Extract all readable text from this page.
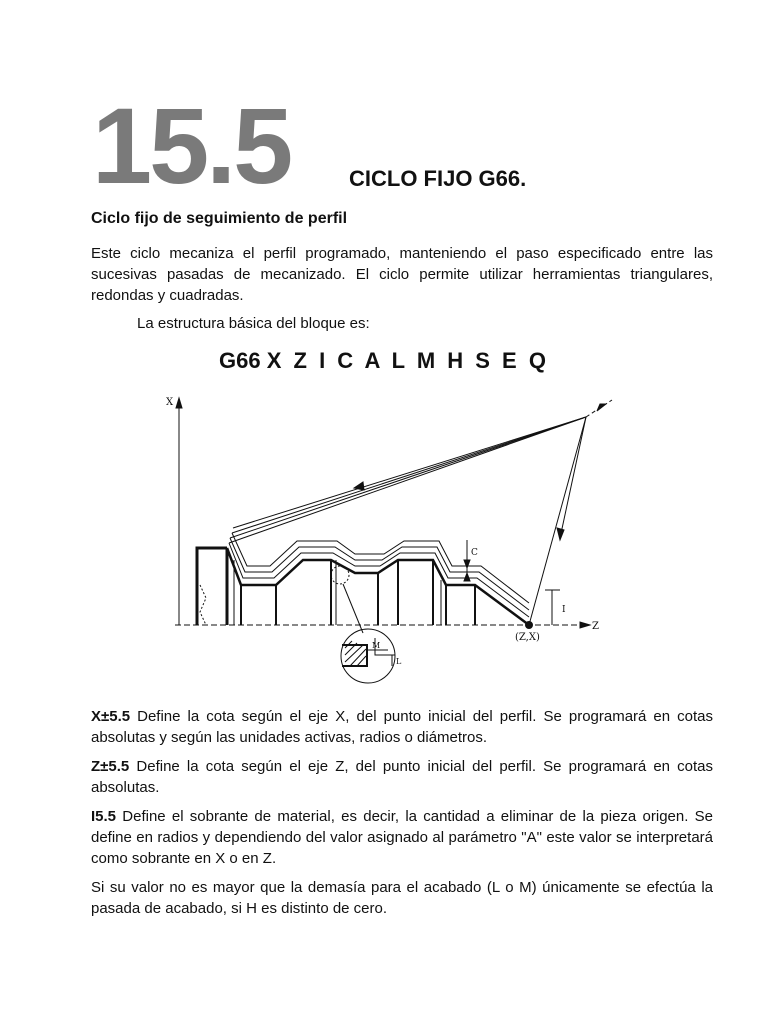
15.5	CICLO FIJO G66.
Ciclo fijo de seguimiento de perfil
Este ciclo mecaniza el perfil programado, manteniendo el paso especificado entre las sucesivas pasadas de mecanizado. El ciclo permite utilizar herramientas triangulares, redondas y cuadradas.
La estructura básica del bloque es:
G66 X Z I C A L M H S E Q
X
Z
(Z,X)
C
I
M
L
X±5.5 Define la cota según el eje X, del punto inicial del perfil. Se programará en cotas absolutas y según las unidades activas, radios o diámetros.
Z±5.5 Define la cota según el eje Z, del punto inicial del perfil. Se programará en cotas absolutas.
I5.5 Define el sobrante de material, es decir, la cantidad a eliminar de la pieza origen. Se define en radios y dependiendo del valor asignado al parámetro "A" este valor se interpretará como sobrante en X o en Z.
Si su valor no es mayor que la demasía para el acabado (L o M) únicamente se efectúa la pasada de acabado, si H es distinto de cero.
